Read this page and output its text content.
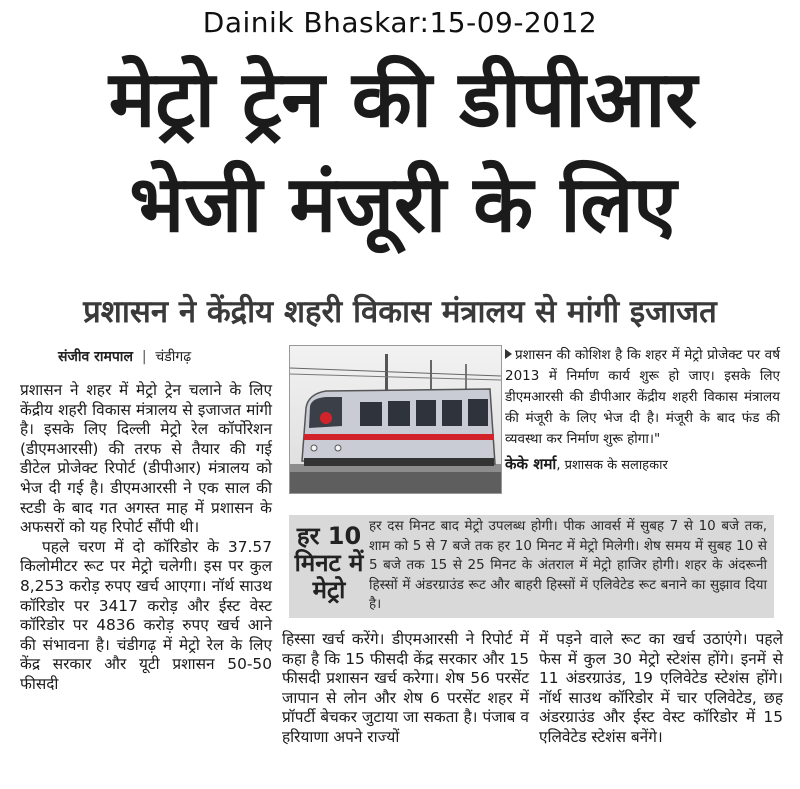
Dainik Bhaskar:15-09-2012
मेट्रो ट्रेन की डीपीआर
भेजी मंजूरी के लिए
प्रशासन ने केंद्रीय शहरी विकास मंत्रालय से मांगी इजाजत
संजीव रामपाल | चंडीगढ़

प्रशासन ने शहर में मेट्रो ट्रेन चलाने के लिए केंद्रीय शहरी विकास मंत्रालय से इजाजत मांगी है। इसके लिए दिल्ली मेट्रो रेल कॉर्पोरेशन (डीएमआरसी) की तरफ से तैयार की गई डीटेल प्रोजेक्ट रिपोर्ट (डीपीआर) मंत्रालय को भेज दी गई है। डीएमआरसी ने एक साल की स्टडी के बाद गत अगस्त माह में प्रशासन के अफसरों को यह रिपोर्ट सौंपी थी।

पहले चरण में दो कॉरिडोर के 37.57 किलोमीटर रूट पर मेट्रो चलेगी। इस पर कुल 8,253 करोड़ रुपए खर्च आएगा। नॉर्थ साउथ कॉरिडोर पर 3417 करोड़ और ईस्ट वेस्ट कॉरिडोर पर 4836 करोड़ रुपए खर्च आने की संभावना है। चंडीगढ़ में मेट्रो रेल के लिए केंद्र सरकार और यूटी प्रशासन 50-50 फीसदी

प्रशासन की कोशिश है कि शहर में मेट्रो प्रोजेक्ट पर वर्ष 2013 में निर्माण कार्य शुरू हो जाए। इसके लिए डीएमआरसी की डीपीआर केंद्रीय शहरी विकास मंत्रालय की मंजूरी के लिए भेज दी है। मंजूरी के बाद फंड की व्यवस्था कर निर्माण शुरू होगा।"
केके शर्मा, प्रशासक के सलाहकार
हर 10 मिनट में मेट्रो
हर दस मिनट बाद मेट्रो उपलब्ध होगी। पीक आवर्स में सुबह 7 से 10 बजे तक, शाम को 5 से 7 बजे तक हर 10 मिनट में मेट्रो मिलेगी। शेष समय में सुबह 10 से 5 बजे तक 15 से 25 मिनट के अंतराल में मेट्रो हाजिर होगी। शहर के अंदरूनी हिस्सों में अंडरग्राउंड रूट और बाहरी हिस्सों में एलिवेटेड रूट बनाने का सुझाव दिया है।

हिस्सा खर्च करेंगे। डीएमआरसी ने रिपोर्ट में कहा है कि 15 फीसदी केंद्र सरकार और 15 फीसदी प्रशासन खर्च करेगा। शेष 56 परसेंट जापान से लोन और शेष 6 परसेंट शहर में प्रॉपर्टी बेचकर जुटाया जा सकता है। पंजाब व हरियाणा अपने राज्यों

में पड़ने वाले रूट का खर्च उठाएंगे। पहले फेस में कुल 30 मेट्रो स्टेशंस होंगे। इनमें से 11 अंडरग्राउंड, 19 एलिवेटेड स्टेशंस होंगे। नॉर्थ साउथ कॉरिडोर में चार एलिवेटेड, छह अंडरग्राउंड और ईस्ट वेस्ट कॉरिडोर में 15 एलिवेटेड स्टेशंस बनेंगे।
